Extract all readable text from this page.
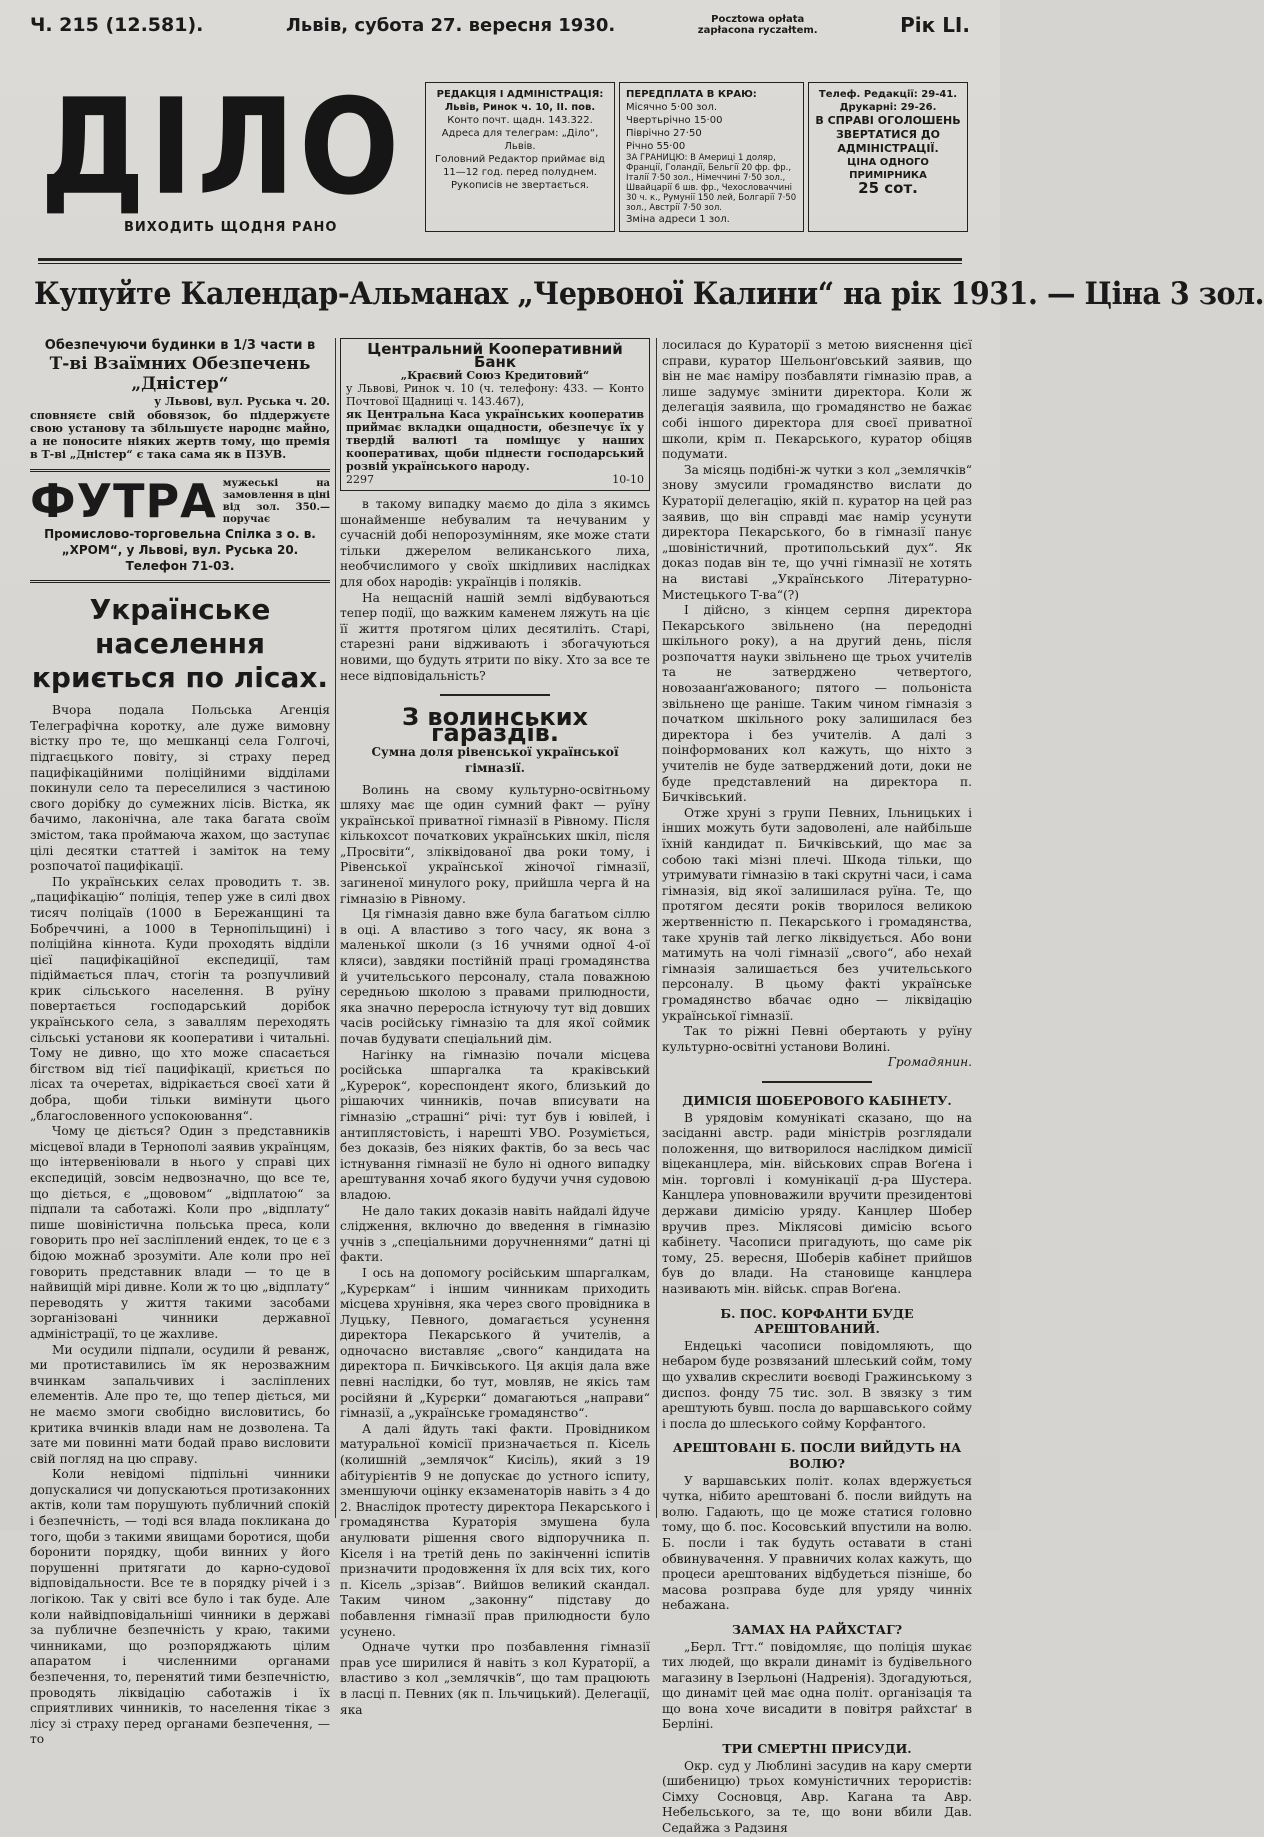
Ч. 215 (12.581).	Львів, субота 27. вересня 1930.	Pocztowa opłata
zapłacona ryczałtem.	Рік LI.
ДІЛО
ВИХОДИТЬ ЩОДНЯ РАНО
РЕДАКЦІЯ І АДМІНІСТРАЦІЯ:
Львів, Ринок ч. 10, II. пов.
Конто почт. щадн. 143.322.
Адреса для телеграм: „Діло“, Львів.
Головний Редактор приймає від 11—12 год. перед полуднем.
Рукописів не звертається.
ПЕРЕДПЛАТА В КРАЮ:
Місячно 5·00 зол.
Чвертьрічно 15·00
Піврічно 27·50
Річно 55·00

ЗА ГРАНИЦЮ: В Америці 1 доляр, Франції, Голандії, Бельгії 20 фр. фр., Італії 7·50 зол., Німеччині 7·50 зол., Швайцарії 6 шв. фр., Чехословаччині 30 ч. к., Румунії 150 лей, Болгарії 7·50 зол., Австрії 7·50 зол.
Зміна адреси 1 зол.
Телеф. Редакції: 29-41.
Друкарні: 29-26.
В СПРАВІ ОГОЛОШЕНЬ ЗВЕРТАТИСЯ ДО АДМІНІСТРАЦІЇ.
ЦІНА ОДНОГО ПРИМІРНИКА
25 сот.
Купуйте Календар-Альманах „Червоної Калини“ на рік 1931. — Ціна 3 зол.
Обезпечуючи будинки в 1/3 части в
Т-ві Взаїмних Обезпечень „Дністер“
у Львові, вул. Руська ч. 20.
сповняєте свій обовязок, бо піддержуєте свою установу та збільшуєте народнє майно, а не поносите ніяких жертв тому, що премія в Т-ві „Дністер“ є така сама як в ПЗУВ.
ФУТРА мужеські на замовлення в ціні від зол. 350.— поручає
Промислово-торговельна Спілка з о. в.
„ХРОМ“, у Львові, вул. Руська 20. Телефон 71-03.
Українське населення криється по лісах.

Вчора подала Польська Агенція Телеграфічна коротку, але дуже вимовну вістку про те, що мешканці села Голгочі, підгаєцького повіту, зі страху перед пацифікаційними поліційними відділами покинули село та переселилися з частиною свого дорібку до сумежних лісів. Вістка, як бачимо, лаконічна, але така багата своїм змістом, така проймаюча жахом, що заступає цілі десятки статтей і заміток на тему розпочатої пацифікації.

По українських селах проводить т. зв. „пацифікацію“ поліція, тепер уже в силі двох тисяч поліцаїв (1000 в Бережанщині та Бобреччині, а 1000 в Тернопільщині) і поліційна кіннота. Куди проходять відділи цієї пацифікаційної експедиції, там підіймається плач, стогін та розпучливий крик сільського населення. В руїну повертається господарський дорібок українського села, з заваллям переходять сільські установи як кооперативи і читальні. Тому не дивно, що хто може спасається бігством від тієї пацифікації, криється по лісах та очеретах, відрікається своєї хати й добра, щоби тільки вимінути цього „благословенного успокоювання“.

Чому це діється? Один з представників місцевої влади в Тернополі заявив українцям, що інтервеніювали в нього у справі цих експедицій, зовсім недвозначно, що все те, що діється, є „щововом“ „відплатою“ за підпали та саботажі. Коли про „відплату“ пише шовіністична польська преса, коли говорить про неї засліплений ендек, то це є з бідою можнаб зрозуміти. Але коли про неї говорить представник влади — то це в найвищій мірі дивне. Коли ж то цю „відплату“ переводять у життя такими засобами зорганізовані чинники державної адміністрації, то це жахливе.

Ми осудили підпали, осудили й реванж, ми протиставились їм як нерозважним вчинкам запальчивих і засліплених елементів. Але про те, що тепер діється, ми не маємо змоги свобідно висловитись, бо критика вчинків влади нам не дозволена. Та зате ми повинні мати бодай право висловити свій погляд на цю справу.

Коли невідомі підпільні чинники допускалися чи допускаються протизаконних актів, коли там порушують публичний спокій і безпечність, — тоді вся влада покликана до того, щоби з такими явищами боротися, щоби боронити порядку, щоби винних у його порушенні притягати до карно-судової відповідальности. Все те в порядку річей і з логікою. Так у світі все було і так буде. Але коли найвідповідальніші чинники в державі за публичне безпечність у краю, такими чинниками, що розпоряджають цілим апаратом і численними органами безпечення, то, перенятий тими безпечністю, проводять ліквідацію саботажів і їх сприятливих чинників, то населення тікає з лісу зі страху перед органами безпечення, — то

Центральний Кооперативний Банк
„Краєвий Союз Кредитовий“
у Львові, Ринок ч. 10 (ч. телефону: 433. — Конто Почтової Щадниці ч. 143.467),
як Центральна Каса українських кооператив приймає вкладки ощадности, обезпечує їх у твердій валюті та поміщує у наших кооперативах, щоби піднести господарський розвій українського народу.
2297	10-10

в такому випадку маємо до діла з якимсь шонайменше небувалим та нечуваним у сучасній добі непорозумінням, яке може стати тільки джерелом великанського лиха, необчислимого у своїх шкідливих наслідках для обох народів: українців і поляків.

На нещасній нашій землі відбуваються тепер події, що важким каменем ляжуть на ціє її життя протягом цілих десятиліть. Старі, старезні рани відживають і збогачуються новими, що будуть ятрити по віку. Хто за все те несе відповідальність?

З волинських гараздів.
Сумна доля рівенської української гімназії.

Волинь на свому культурно-освітньому шляху має ще один сумний факт — руїну української приватної гімназії в Рівному. Після кількохсот початкових українських шкіл, після „Просвіти“, зліквідованої два роки тому, і Рівенської української жіночої гімназії, загиненої минулого року, прийшла черга й на гімназію в Рівному.

Ця гімназія давно вже була багатьом сіллю в оці. А властиво з того часу, як вона з маленької школи (з 16 учнями одної 4-ої кляси), завдяки постійній праці громадянства й учительського персоналу, стала поважною середньою школою з правами прилюдности, яка значно переросла істнуючу тут від довших часів російську гімназію та для якої соймик почав будувати спеціальний дім.

Нагінку на гімназію почали місцева російська шпаргалка та краківський „Курерок“, кореспондент якого, близький до рішаючих чинників, почав вписувати на гімназію „страшні“ річі: тут був і ювілей, і антиплястовість, і нарешті УВО. Розуміється, без доказів, без ніяких фактів, бо за весь час істнування гімназії не було ні одного випадку арештування хочаб якого будучи учня судовою владою.

Не дало таких доказів навіть найдалі йдуче слідження, включно до введення в гімназію учнів з „спеціальними доручненнями“ датні ці факти.

І ось на допомогу російським шпаргалкам, „Курєркам“ і іншим чинникам приходить місцева хрунівня, яка через свого провідника в Луцьку, Певного, домагається усунення директора Пекарського й учителів, а одночасно виставляє „свого“ кандидата на директора п. Бичківського. Ця акція дала вже певні наслідки, бо тут, мовляв, не якісь там російяни й „Курєрки“ домагаються „направи“ гімназії, а „українське громадянство“.

А далі йдуть такі факти. Провідником матуральної комісії призначається п. Кісель (колишній „землячок“ Кисіль), який з 19 абітурієнтів 9 не допускає до устного іспиту, зменшуючи оцінку екзаменаторів навіть з 4 до 2. Внаслідок протесту директора Пекарського і громадянства Кураторія змушена була анулювати рішення свого відпоручника п. Кіселя і на третій день по закінченні іспитів призначити продовження їх для всіх тих, кого п. Кісель „зрізав“. Вийшов великий скандал. Таким чином „законну“ підставу до побавлення гімназії прав прилюдности було усунено.

Одначе чутки про позбавлення гімназії прав усе ширилися й навіть з кол Кураторії, а властиво з кол „землячків“, що там працюють в ласці п. Певних (як п. Ільчицький). Делегації, яка

лосилася до Кураторії з метою вияснення цієї справи, куратор Шельонґовський заявив, що він не має наміру позбавляти гімназію прав, а лише задумує змінити директора. Коли ж делегація заявила, що громадянство не бажає собі іншого директора для своєї приватної школи, крім п. Пекарського, куратор обіцяв подумати.

За місяць подібні-ж чутки з кол „землячків“ знову змусили громадянство вислати до Кураторії делегацію, якій п. куратор на цей раз заявив, що він справді має намір усунути директора Пекарського, бо в гімназії панує „шовіністичний, протипольський дух“. Як доказ подав він те, що учні гімназії не хотять на виставі „Українського Літературно-Мистецького Т-ва“(?)

І дійсно, з кінцем серпня директора Пекарського звільнено (на передодні шкільного року), а на другий день, після розпочаття науки звільнено ще трьох учителів та не затверджено четвертого, новозаанґажованого; пятого — польоніста звільнено ще раніше. Таким чином гімназія з початком шкільного року залишилася без директора і без учителів. А далі з поінформованих кол кажуть, що ніхто з учителів не буде затверджений доти, доки не буде представлений на директора п. Бичківський.

Отже хруні з групи Певних, Ільницьких і інших можуть бути задоволені, але найбільше їхній кандидат п. Бичківський, що має за собою такі мізні плечі. Шкода тільки, що утримувати гімназію в такі скрутні часи, і сама гімназія, від якої залишилася руїна. Те, що протягом десяти років творилося великою жертвенністю п. Пекарського і громадянства, таке хрунів тай легко ліквідується. Або вони матимуть на чолі гімназії „свого“, або нехай гімназія залишається без учительського персоналу. В цьому факті українське громадянство вбачає одно — ліквідацію української гімназії.

Так то ріжні Певні обертають у руїну культурно-освітні установи Волині.

Громадянин.
ДИМІСІЯ ШОБЕРОВОГО КАБІНЕТУ.

В урядовім комунікаті сказано, що на засіданні австр. ради міністрів розглядали положення, що витворилося наслідком димісії віцеканцлера, мін. військових справ Воґена і мін. торговлі і комунікації д-ра Шустера. Канцлера уповноважили вручити президентові держави димісію уряду. Канцлер Шобер вручив през. Міклясові димісію всього кабінету. Часописи пригадують, що саме рік тому, 25. вересня, Шоберів кабінет прийшов був до влади. На становище канцлера називають мін. військ. справ Воґена.

Б. ПОС. КОРФАНТИ БУДЕ АРЕШТОВАНИЙ.

Ендецькі часописи повідомляють, що небаром буде розвязаний шлеський сойм, тому що ухвалив скреслити воєводі Гражинському з диспоз. фонду 75 тис. зол. В звязку з тим арештують бувш. посла до варшавського сойму і посла до шлеського сойму Корфантого.

АРЕШТОВАНІ Б. ПОСЛИ ВИЙДУТЬ НА ВОЛЮ?

У варшавських політ. колах вдержується чутка, нібито арештовані б. посли вийдуть на волю. Гадають, що це може статися головно тому, що б. пос. Косовський впустили на волю. Б. посли і так будуть оставати в стані обвинувачення. У правничих колах кажуть, що процеси арештованих відбудеться пізніше, бо масова розправа буде для уряду чинніх небажана.

ЗАМАХ НА РАЙХСТАГ?

„Берл. Тгт.“ повідомляє, що поліція шукає тих людей, що вкрали динаміт із будівельного магазину в Ізерльоні (Надренія). Здогадуються, що динаміт цей має одна політ. організація та що вона хоче висадити в повітря райхстаґ в Берліні.

ТРИ СМЕРТНІ ПРИСУДИ.

Окр. суд у Люблині засудив на кару смерти (шибеницю) трьох комуністичних терористів: Сімху Сосновця, Авр. Кагана та Авр. Небельського, за те, що вони вбили Дав. Седайжа з Радзиня
